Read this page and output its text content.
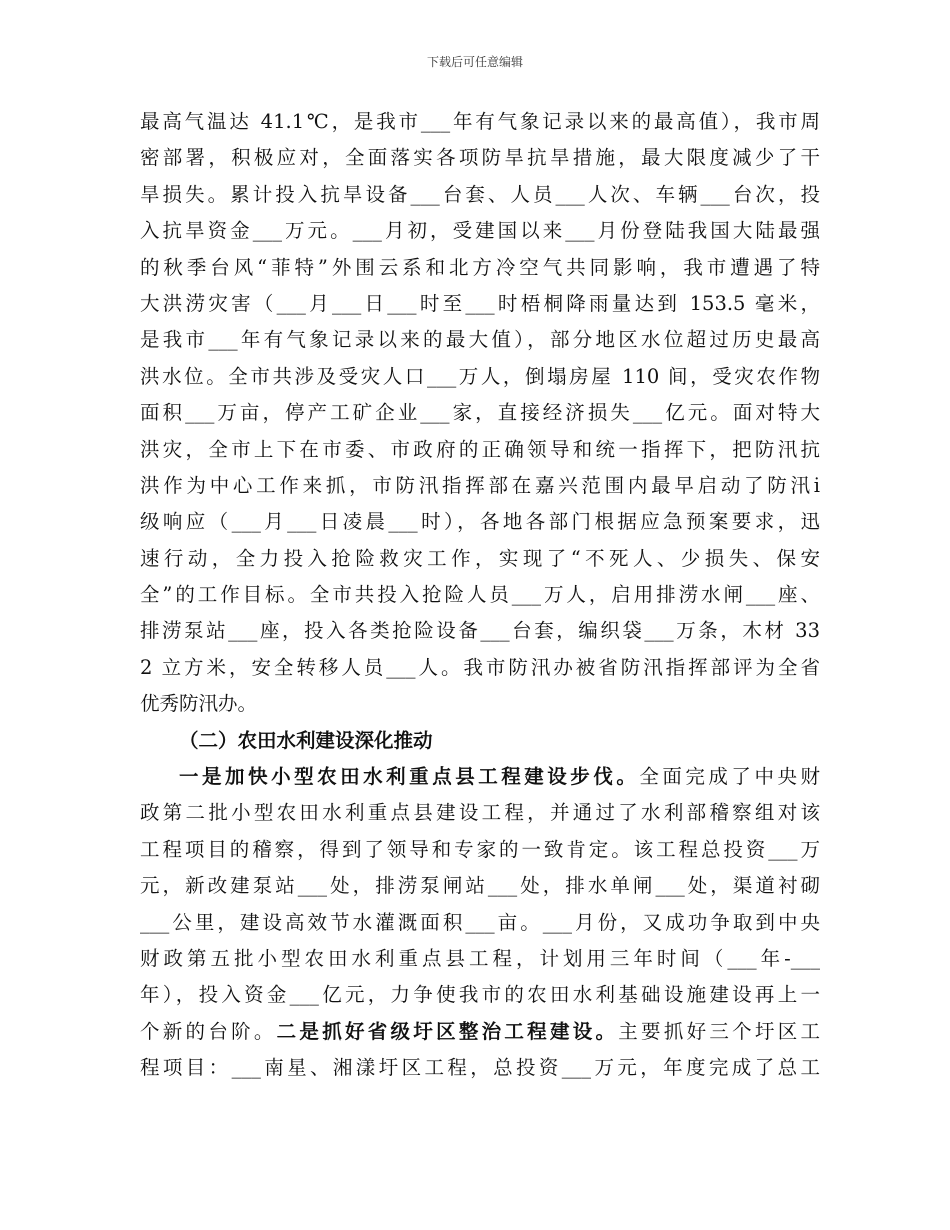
下载后可任意编辑
最高气温达 41.1℃，是我市___年有气象记录以来的最高值），我市周
密部署，积极应对，全面落实各项防旱抗旱措施，最大限度减少了干
旱损失。累计投入抗旱设备___台套、人员___人次、车辆___台次，投
入抗旱资金___万元。___月初，受建国以来___月份登陆我国大陆最强
的秋季台风“菲特”外围云系和北方冷空气共同影响，我市遭遇了特
大洪涝灾害（___月___日___时至___时梧桐降雨量达到 153.5 毫米，
是我市___年有气象记录以来的最大值），部分地区水位超过历史最高
洪水位。全市共涉及受灾人口___万人，倒塌房屋 110 间，受灾农作物
面积___万亩，停产工矿企业___家，直接经济损失___亿元。面对特大
洪灾，全市上下在市委、市政府的正确领导和统一指挥下，把防汛抗
洪作为中心工作来抓，市防汛指挥部在嘉兴范围内最早启动了防汛ⅰ
级响应（___月___日凌晨___时），各地各部门根据应急预案要求，迅
速行动，全力投入抢险救灾工作，实现了“不死人、少损失、保安
全”的工作目标。全市共投入抢险人员___万人，启用排涝水闸___座、
排涝泵站___座，投入各类抢险设备___台套，编织袋___万条，木材 33
2 立方米，安全转移人员___人。我市防汛办被省防汛指挥部评为全省
优秀防汛办。
（二）农田水利建设深化推动
一是加快小型农田水利重点县工程建设步伐。全面完成了中央财
政第二批小型农田水利重点县建设工程，并通过了水利部稽察组对该
工程项目的稽察，得到了领导和专家的一致肯定。该工程总投资___万
元，新改建泵站___处，排涝泵闸站___处，排水单闸___处，渠道衬砌
___公里，建设高效节水灌溉面积___亩。___月份，又成功争取到中央
财政第五批小型农田水利重点县工程，计划用三年时间（___年-___
年），投入资金___亿元，力争使我市的农田水利基础设施建设再上一
个新的台阶。二是抓好省级圩区整治工程建设。主要抓好三个圩区工
程项目：___南星、湘漾圩区工程，总投资___万元，年度完成了总工
